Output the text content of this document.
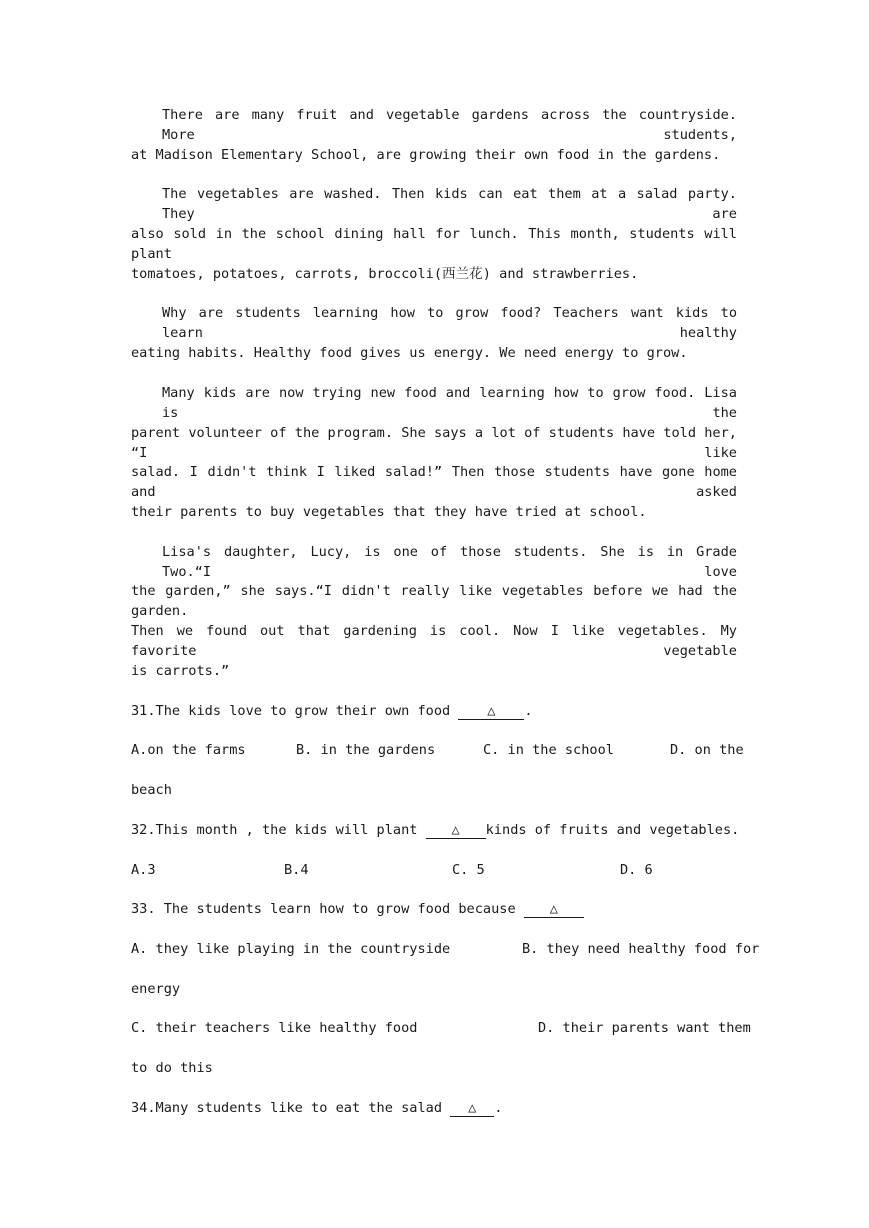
There are many fruit and vegetable gardens across the countryside. More students,
at Madison Elementary School, are growing their own food in the gardens.
The vegetables are washed. Then kids can eat them at a salad party. They are
also sold in the school dining hall for lunch. This month, students will plant
tomatoes, potatoes, carrots, broccoli(西兰花) and strawberries.
Why are students learning how to grow food? Teachers want kids to learn healthy
eating habits. Healthy food gives us energy. We need energy to grow.
Many kids are now trying new food and learning how to grow food. Lisa is the
parent volunteer of the program. She says a lot of students have told her, “I like
salad. I didn't think I liked salad!” Then those students have gone home and asked
their parents to buy vegetables that they have tried at school.
Lisa's daughter, Lucy, is one of those students. She is in Grade Two.“I love
the garden,” she says.“I didn't really like vegetables before we had the garden.
Then we found out that gardening is cool. Now I like vegetables. My favorite vegetable
is carrots.”
31.The kids love to grow their own food	△ .
A.on the farms	B. in the gardens	C. in the school	D. on the
beach
32.This month , the kids will plant	△ kinds of fruits and vegetables.
A.3	B.4	C. 5	D. 6
33. The students learn how to grow food because	△
A. they like playing in the countryside	B. they need healthy food for
energy
C. their teachers like healthy food	D. their parents want them
to do this
34.Many students like to eat the salad △ .
